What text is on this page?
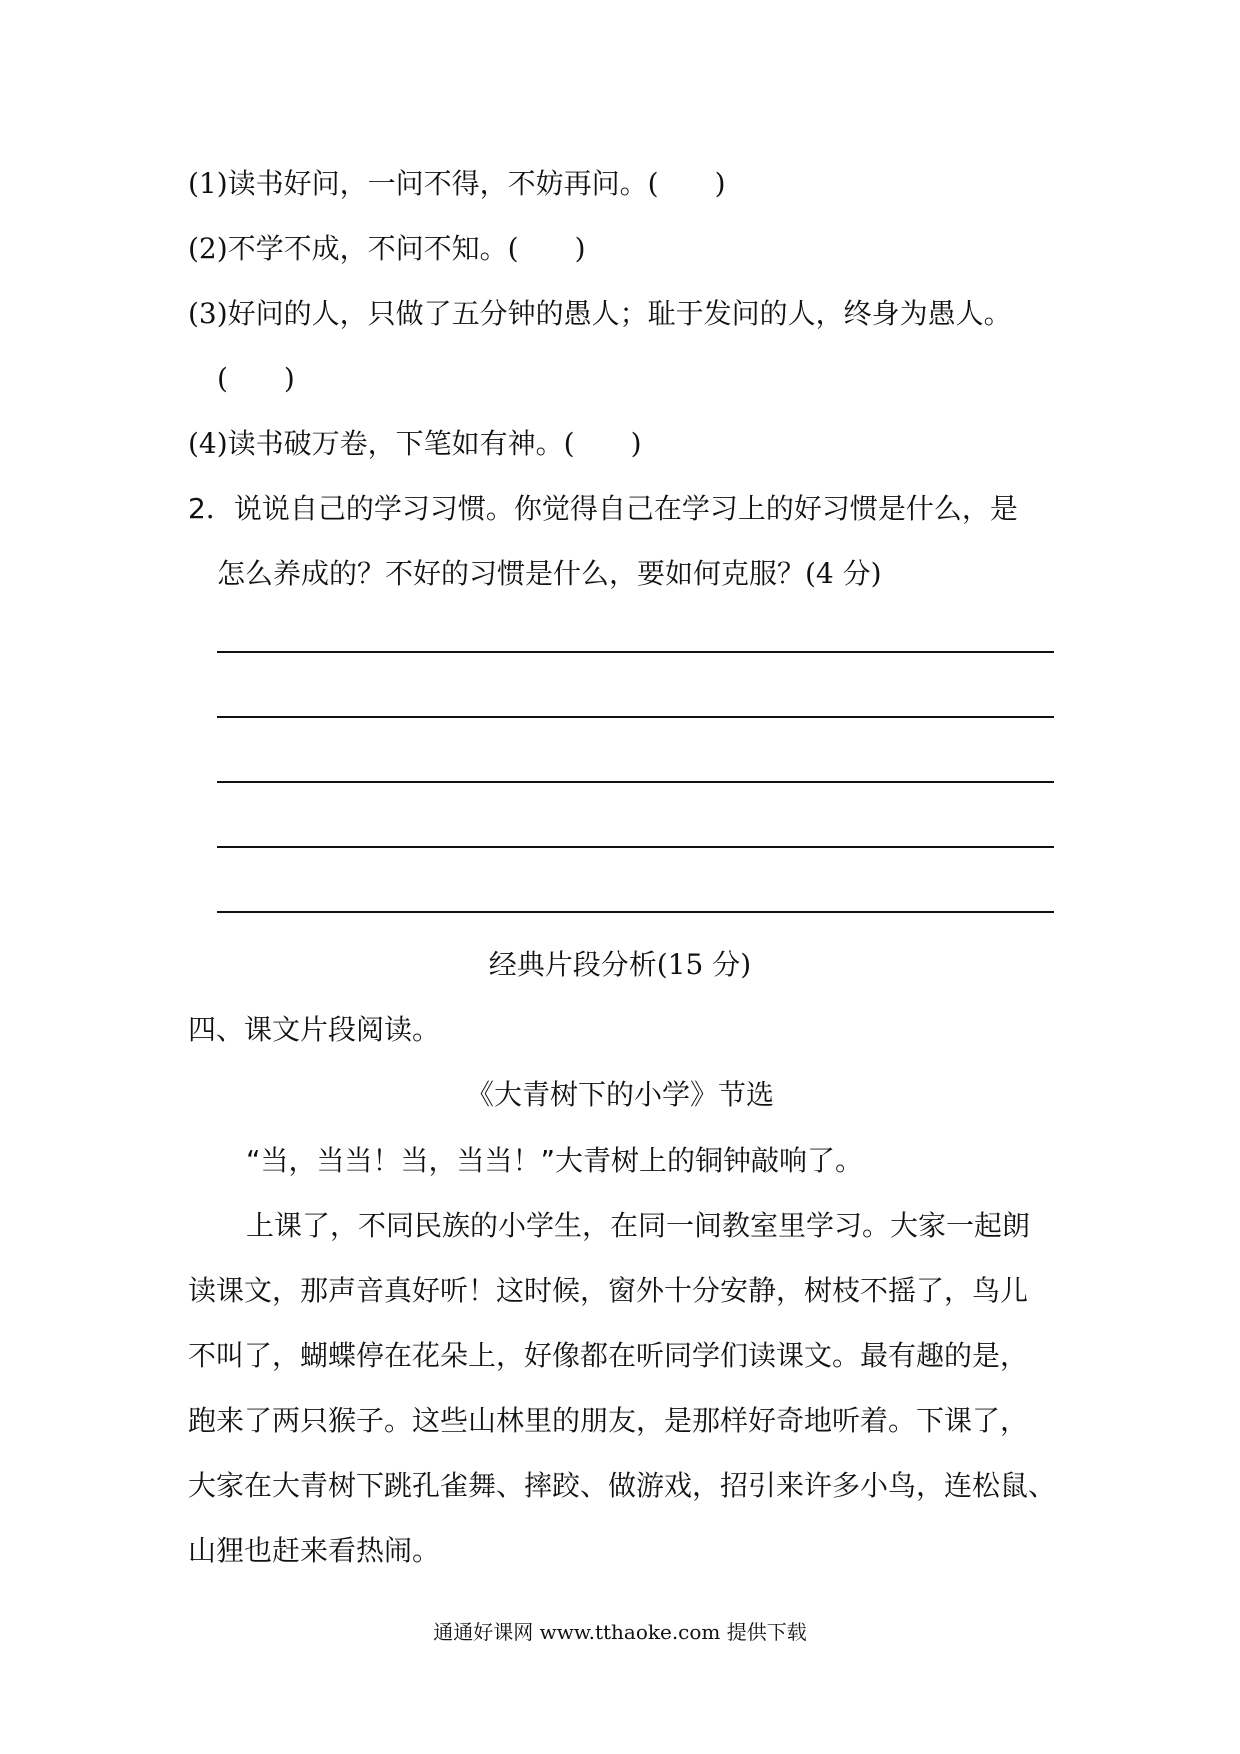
(1)读书好问，一问不得，不妨再问。(　　)
(2)不学不成，不问不知。(　　)
(3)好问的人，只做了五分钟的愚人；耻于发问的人，终身为愚人。
(　　)
(4)读书破万卷，下笔如有神。(　　)
2．说说自己的学习习惯。你觉得自己在学习上的好习惯是什么，是
怎么养成的？不好的习惯是什么，要如何克服？(4 分)
经典片段分析(15 分)
四、课文片段阅读。
《大青树下的小学》节选
“当，当当！当，当当！”大青树上的铜钟敲响了。
上课了，不同民族的小学生，在同一间教室里学习。大家一起朗
读课文，那声音真好听！这时候，窗外十分安静，树枝不摇了，鸟儿
不叫了，蝴蝶停在花朵上，好像都在听同学们读课文。最有趣的是，
跑来了两只猴子。这些山林里的朋友，是那样好奇地听着。下课了，
大家在大青树下跳孔雀舞、摔跤、做游戏，招引来许多小鸟，连松鼠、
山狸也赶来看热闹。
通通好课网 www.tthaoke.com 提供下载
